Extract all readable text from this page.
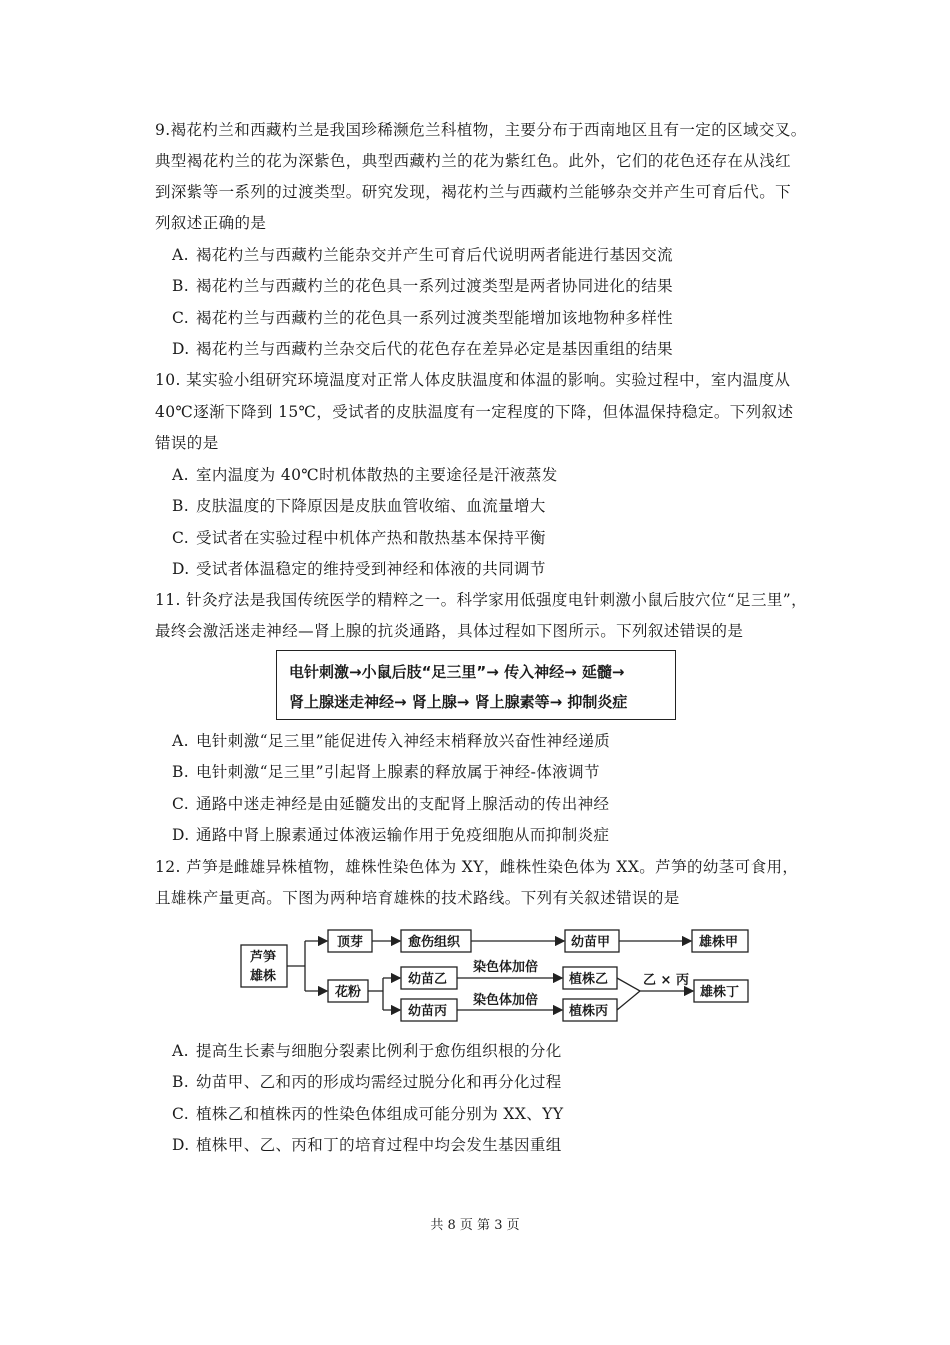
9.褐花杓兰和西藏杓兰是我国珍稀濒危兰科植物，主要分布于西南地区且有一定的区域交叉。
典型褐花杓兰的花为深紫色，典型西藏杓兰的花为紫红色。此外，它们的花色还存在从浅红
到深紫等一系列的过渡类型。研究发现，褐花杓兰与西藏杓兰能够杂交并产生可育后代。下
列叙述正确的是
A. 褐花杓兰与西藏杓兰能杂交并产生可育后代说明两者能进行基因交流
B. 褐花杓兰与西藏杓兰的花色具一系列过渡类型是两者协同进化的结果
C. 褐花杓兰与西藏杓兰的花色具一系列过渡类型能增加该地物种多样性
D. 褐花杓兰与西藏杓兰杂交后代的花色存在差异必定是基因重组的结果
10. 某实验小组研究环境温度对正常人体皮肤温度和体温的影响。实验过程中，室内温度从
40℃逐渐下降到 15℃，受试者的皮肤温度有一定程度的下降，但体温保持稳定。下列叙述
错误的是
A. 室内温度为 40℃时机体散热的主要途径是汗液蒸发
B. 皮肤温度的下降原因是皮肤血管收缩、血流量增大
C. 受试者在实验过程中机体产热和散热基本保持平衡
D. 受试者体温稳定的维持受到神经和体液的共同调节
11. 针灸疗法是我国传统医学的精粹之一。科学家用低强度电针刺激小鼠后肢穴位“足三里”，
最终会激活迷走神经—肾上腺的抗炎通路，具体过程如下图所示。下列叙述错误的是
电针刺激→小鼠后肢“足三里”→ 传入神经→ 延髓→
肾上腺迷走神经→ 肾上腺→ 肾上腺素等→ 抑制炎症
A. 电针刺激“足三里”能促进传入神经末梢释放兴奋性神经递质
B. 电针刺激“足三里”引起肾上腺素的释放属于神经-体液调节
C. 通路中迷走神经是由延髓发出的支配肾上腺活动的传出神经
D. 通路中肾上腺素通过体液运输作用于免疫细胞从而抑制炎症
12. 芦笋是雌雄异株植物，雄株性染色体为 XY，雌株性染色体为 XX。芦笋的幼茎可食用，
且雄株产量更高。下图为两种培育雄株的技术路线。下列有关叙述错误的是
芦笋
雄株
顶芽	愈伤组织	幼苗甲	雄株甲
花粉
幼苗乙
幼苗丙
染色体加倍
染色体加倍
植株乙
植株丙
乙 × 丙
雄株丁
A. 提高生长素与细胞分裂素比例利于愈伤组织根的分化
B. 幼苗甲、乙和丙的形成均需经过脱分化和再分化过程
C. 植株乙和植株丙的性染色体组成可能分别为 XX、YY
D. 植株甲、乙、丙和丁的培育过程中均会发生基因重组
共 8 页 第 3 页
